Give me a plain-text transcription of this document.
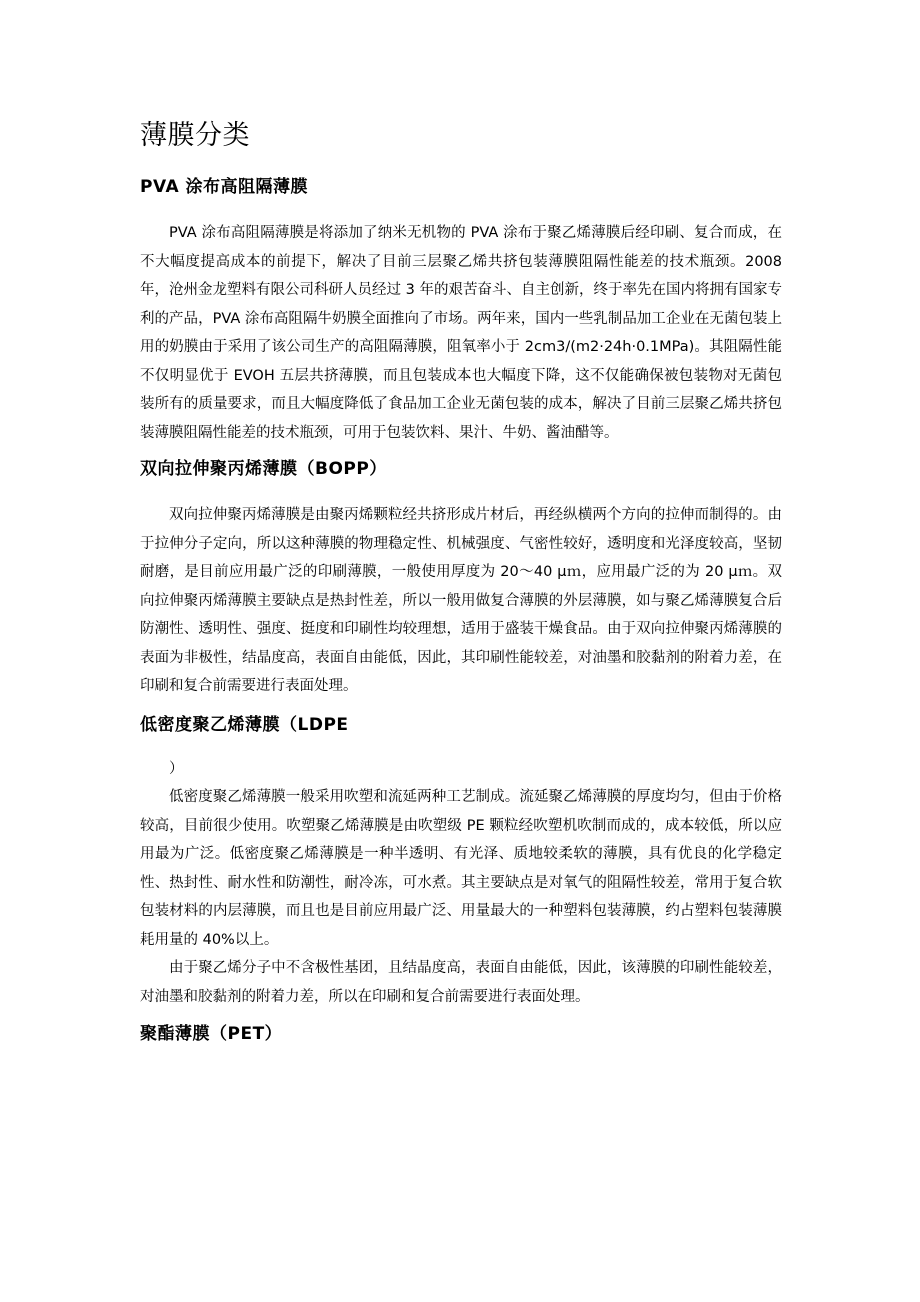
薄膜分类
PVA 涂布高阻隔薄膜

PVA 涂布高阻隔薄膜是将添加了纳米无机物的 PVA 涂布于聚乙烯薄膜后经印刷、复合而成，在不大幅度提高成本的前提下，解决了目前三层聚乙烯共挤包装薄膜阻隔性能差的技术瓶颈。2008 年，沧州金龙塑料有限公司科研人员经过 3 年的艰苦奋斗、自主创新，终于率先在国内将拥有国家专利的产品，PVA 涂布高阻隔牛奶膜全面推向了市场。两年来，国内一些乳制品加工企业在无菌包装上用的奶膜由于采用了该公司生产的高阻隔薄膜，阻氧率小于 2cm3/(m2·24h·0.1MPa)。其阻隔性能不仅明显优于 EVOH 五层共挤薄膜，而且包装成本也大幅度下降，这不仅能确保被包装物对无菌包装所有的质量要求，而且大幅度降低了食品加工企业无菌包装的成本，解决了目前三层聚乙烯共挤包装薄膜阻隔性能差的技术瓶颈，可用于包装饮料、果汁、牛奶、酱油醋等。

双向拉伸聚丙烯薄膜（BOPP）

双向拉伸聚丙烯薄膜是由聚丙烯颗粒经共挤形成片材后，再经纵横两个方向的拉伸而制得的。由于拉伸分子定向，所以这种薄膜的物理稳定性、机械强度、气密性较好，透明度和光泽度较高，坚韧耐磨，是目前应用最广泛的印刷薄膜，一般使用厚度为 20～40 μｍ，应用最广泛的为 20 μｍ。双向拉伸聚丙烯薄膜主要缺点是热封性差，所以一般用做复合薄膜的外层薄膜，如与聚乙烯薄膜复合后防潮性、透明性、强度、挺度和印刷性均较理想，适用于盛装干燥食品。由于双向拉伸聚丙烯薄膜的表面为非极性，结晶度高，表面自由能低，因此，其印刷性能较差，对油墨和胶黏剂的附着力差，在印刷和复合前需要进行表面处理。

低密度聚乙烯薄膜（LDPE

）

低密度聚乙烯薄膜一般采用吹塑和流延两种工艺制成。流延聚乙烯薄膜的厚度均匀，但由于价格较高，目前很少使用。吹塑聚乙烯薄膜是由吹塑级 PE 颗粒经吹塑机吹制而成的，成本较低，所以应用最为广泛。低密度聚乙烯薄膜是一种半透明、有光泽、质地较柔软的薄膜，具有优良的化学稳定性、热封性、耐水性和防潮性，耐冷冻，可水煮。其主要缺点是对氧气的阻隔性较差，常用于复合软包装材料的内层薄膜，而且也是目前应用最广泛、用量最大的一种塑料包装薄膜，约占塑料包装薄膜耗用量的 40%以上。

由于聚乙烯分子中不含极性基团，且结晶度高，表面自由能低，因此，该薄膜的印刷性能较差，对油墨和胶黏剂的附着力差，所以在印刷和复合前需要进行表面处理。

聚酯薄膜（PET）
